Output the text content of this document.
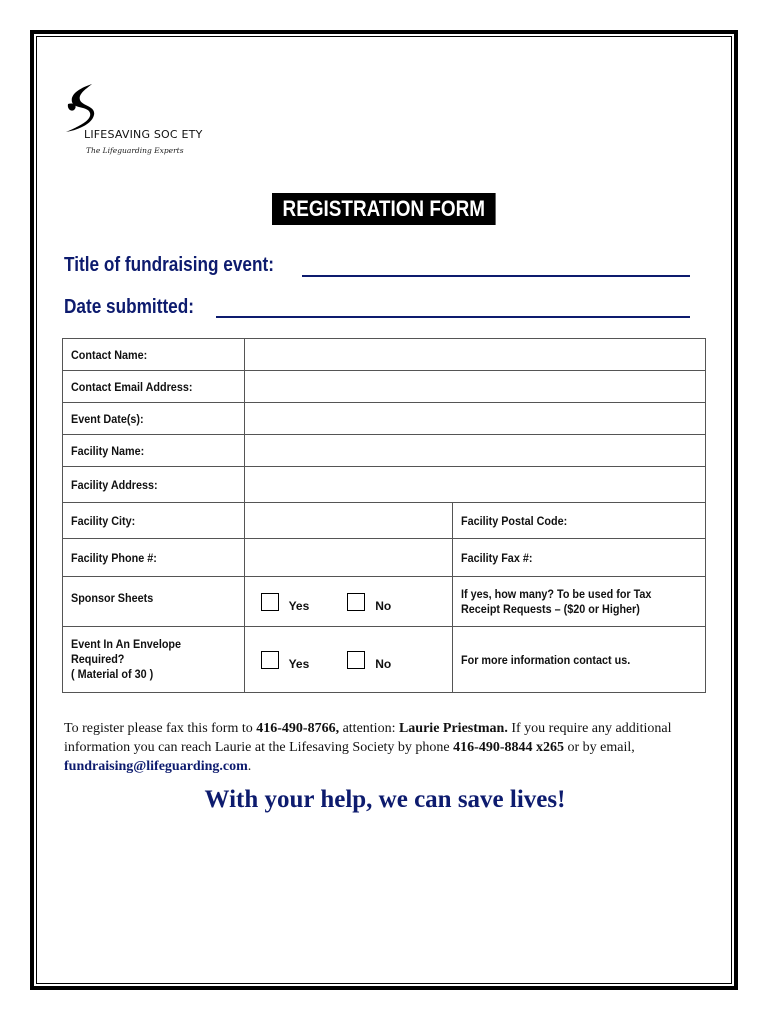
LIFESAVING SOC ETY
The Lifeguarding Experts
REGISTRATION FORM
Title of fundraising event:
Date submitted:
Contact Name:		
Contact Email Address:		
Event Date(s):		
Facility Name:		
Facility Address:		
Facility City:		Facility Postal Code:
Facility Phone #:		Facility Fax #:
Sponsor Sheets	Yes No	If yes, how many? To be used for Tax Receipt Requests – ($20 or Higher)

Event In An Envelope
Required?
( Material of 30 )	Yes No	For more information contact us.
To register please fax this form to 416-490-8766, attention: Laurie Priestman. If you require any additional information you can reach Laurie at the Lifesaving Society by phone 416-490-8844 x265 or by email, fundraising@lifeguarding.com.
With your help, we can save lives!
